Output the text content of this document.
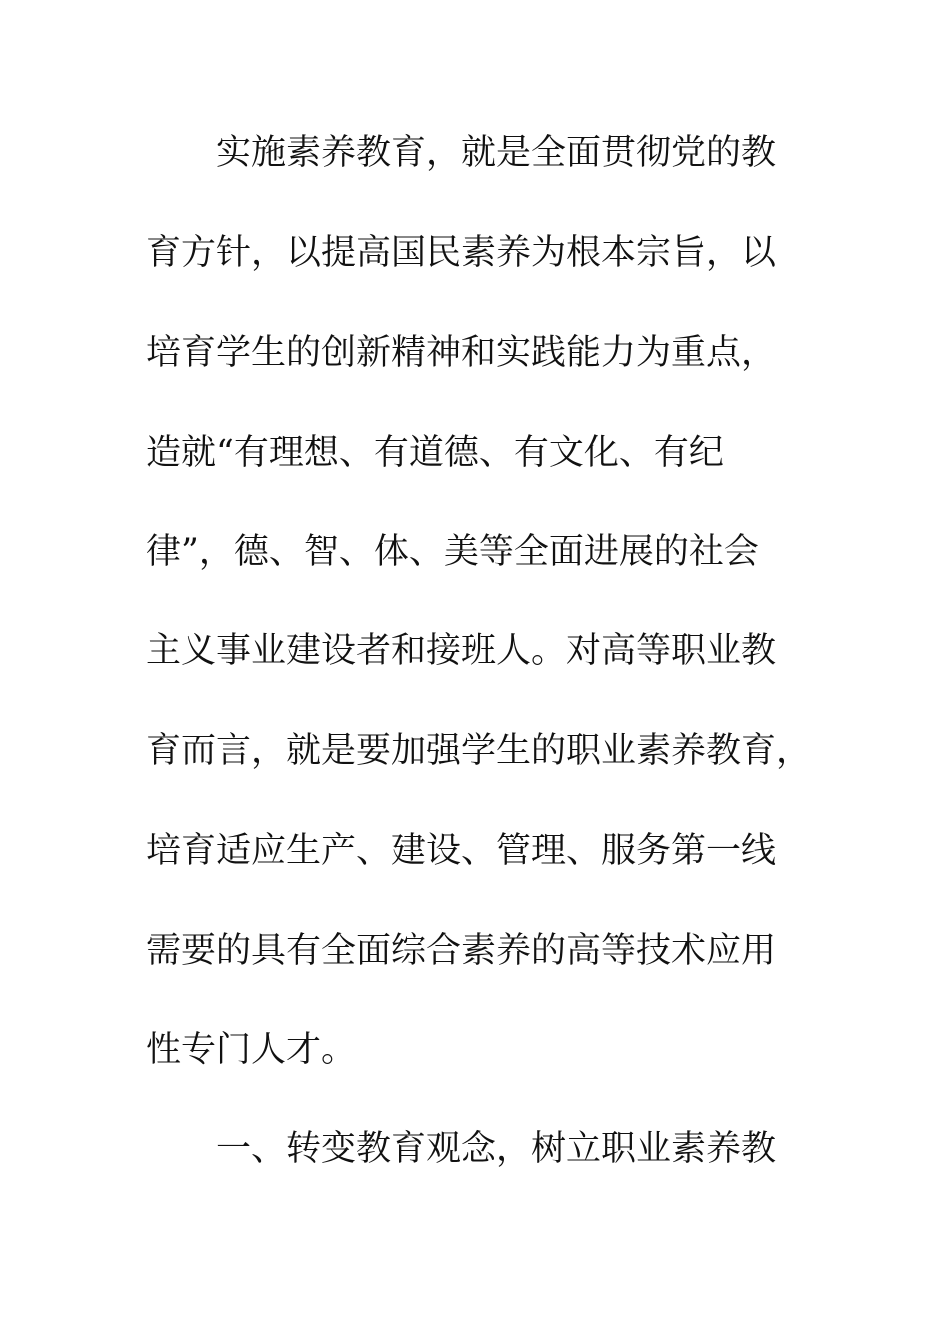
实施素养教育，就是全面贯彻党的教

育方针，以提高国民素养为根本宗旨，以

培育学生的创新精神和实践能力为重点，

造就“有理想、有道德、有文化、有纪

律”，德、智、体、美等全面进展的社会

主义事业建设者和接班人。对高等职业教

育而言，就是要加强学生的职业素养教育，

培育适应生产、建设、管理、服务第一线

需要的具有全面综合素养的高等技术应用

性专门人才。

一、转变教育观念，树立职业素养教
